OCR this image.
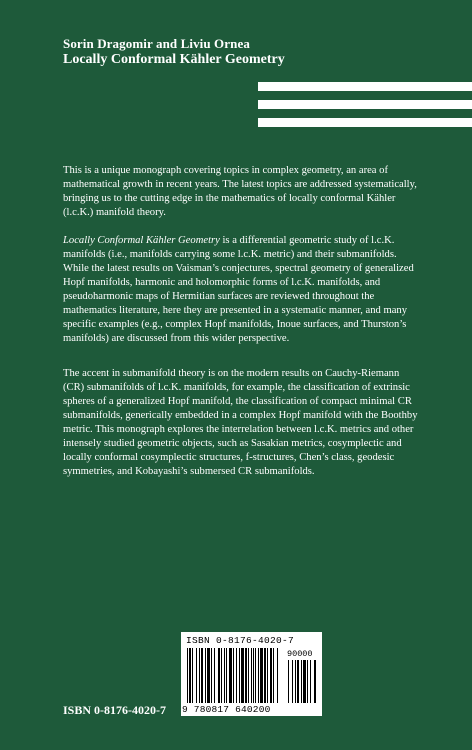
Sorin Dragomir and Liviu Ornea
Locally Conformal Kähler Geometry

This is a unique monograph covering topics in complex geometry, an area of mathematical growth in recent years. The latest topics are addressed systematically, bringing us to the cutting edge in the mathematics of locally conformal Kähler (l.c.K.) manifold theory.

Locally Conformal Kähler Geometry is a differential geometric study of l.c.K. manifolds (i.e., manifolds carrying some l.c.K. metric) and their submanifolds. While the latest results on Vaisman’s conjectures, spectral geometry of generalized Hopf manifolds, harmonic and holomorphic forms of l.c.K. manifolds, and pseudoharmonic maps of Hermitian surfaces are reviewed throughout the mathematics literature, here they are presented in a systematic manner, and many specific examples (e.g., complex Hopf manifolds, Inoue surfaces, and Thurston’s manifolds) are discussed from this wider perspective.

The accent in submanifold theory is on the modern results on Cauchy-Riemann (CR) submanifolds of l.c.K. manifolds, for example, the classification of extrinsic spheres of a generalized Hopf manifold, the classification of compact minimal CR submanifolds, generically embedded in a complex Hopf manifold with the Boothby metric. This monograph explores the interrelation between l.c.K. metrics and other intensely studied geometric objects, such as Sasakian metrics, cosymplectic and locally conformal cosymplectic structures, f-structures, Chen’s class, geodesic symmetries, and Kobayashi’s submersed CR submanifolds.

ISBN 0-8176-4020-7
90000
9 780817 640200
ISBN 0-8176-4020-7
